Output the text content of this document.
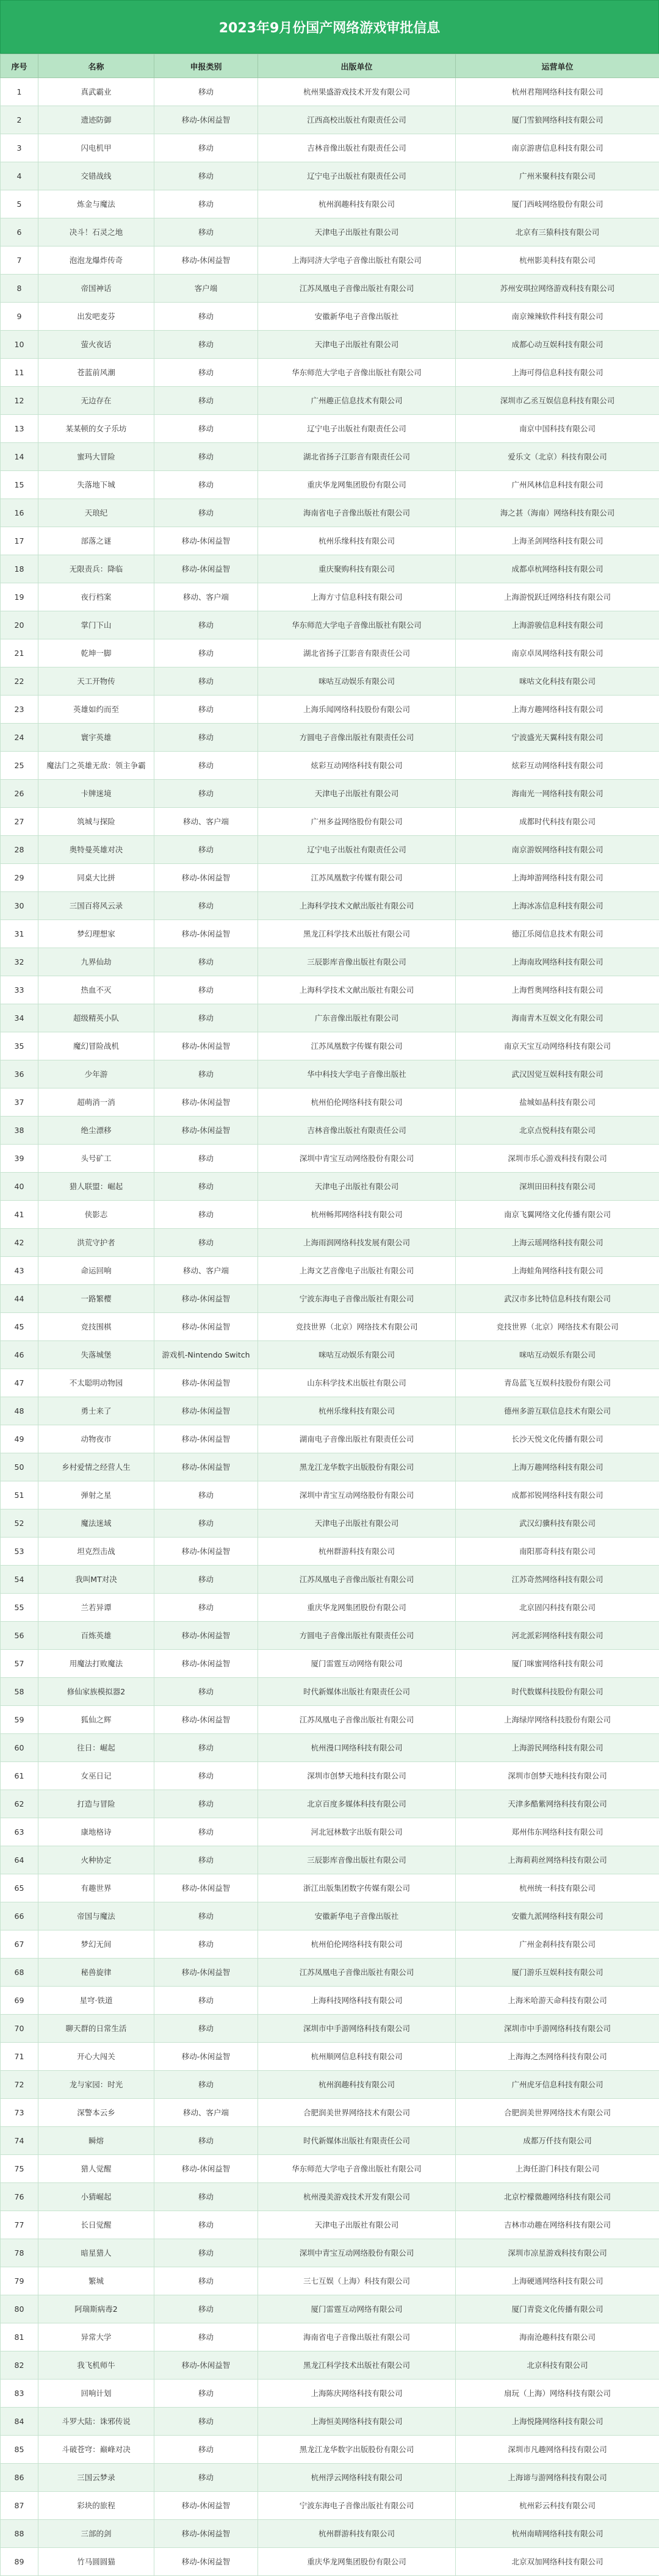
2023年9月份国产网络游戏审批信息
序号	名称	申报类别	出版单位	运营单位
1	真武霸业	移动	杭州果盛游戏技术开发有限公司	杭州君翔网络科技有限公司
2	遗迹防御	移动-休闲益智	江西高校出版社有限责任公司	厦门雪狼网络科技有限公司
3	闪电机甲	移动	吉林音像出版社有限责任公司	南京游唐信息科技有限公司
4	交错战线	移动	辽宁电子出版社有限责任公司	广州米聚科技有限公司
5	炼金与魔法	移动	杭州润趣科技有限公司	厦门西岐网络股份有限公司
6	决斗！石灵之地	移动	天津电子出版社有限公司	北京有三猿科技有限公司
7	泡泡龙爆炸传奇	移动-休闲益智	上海同济大学电子音像出版社有限公司	杭州影美科技有限公司
8	帝国神话	客户端	江苏凤凰电子音像出版社有限公司	苏州安琪拉网络游戏科技有限公司
9	出发吧麦芬	移动	安徽新华电子音像出版社	南京辣辣软件科技有限公司
10	萤火夜话	移动	天津电子出版社有限公司	成都心动互娱科技有限公司
11	苍蓝前风潮	移动	华东师范大学电子音像出版社有限公司	上海可得信息科技有限公司
12	无边存在	移动	广州趣正信息技术有限公司	深圳市乙丞互娱信息科技有限公司
13	某某顿的女子乐坊	移动	辽宁电子出版社有限责任公司	南京中国科技有限公司
14	蜜玛大冒险	移动	湖北省扬子江影音有限责任公司	爱乐文（北京）科技有限公司
15	失落地下城	移动	重庆华龙网集团股份有限公司	广州风林信息科技有限公司
16	天琅纪	移动	海南省电子音像出版社有限公司	海之甚（海南）网络科技有限公司
17	部落之谜	移动-休闲益智	杭州乐缘科技有限公司	上海圣剑网络科技有限公司
18	无限责兵：降临	移动-休闲益智	重庆聚购科技有限公司	成都卓杭网络科技有限公司
19	夜行档案	移动、客户端	上海方寸信息科技有限公司	上海游悦跃迁网络科技有限公司
20	掌门下山	移动	华东师范大学电子音像出版社有限公司	上海游骏信息科技有限公司
21	乾坤一脚	移动	湖北省扬子江影音有限责任公司	南京卓凤网络科技有限公司
22	天工开物传	移动	咪咕互动娱乐有限公司	咪咕文化科技有限公司
23	英雄如约而至	移动	上海乐闻网络科技股份有限公司	上海方趣网络科技有限公司
24	寰宇英雄	移动	方圆电子音像出版社有限责任公司	宁波盛光天翼科技有限公司
25	魔法门之英雄无敌：领主争霸	移动	炫彩互动网络科技有限公司	炫彩互动网络科技有限公司
26	卡牌迷境	移动	天津电子出版社有限公司	海南光一网络科技有限公司
27	筑城与探险	移动、客户端	广州多益网络股份有限公司	成都时代科技有限公司
28	奥特曼英雄对决	移动	辽宁电子出版社有限责任公司	南京游娱网络科技有限公司
29	同桌大比拼	移动-休闲益智	江苏凤凰数字传媒有限公司	上海坤游网络科技有限公司
30	三国百将风云录	移动	上海科学技术文献出版社有限公司	上海冰冻信息科技有限公司
31	梦幻理想家	移动-休闲益智	黑龙江科学技术出版社有限公司	德江乐阅信息技术有限公司
32	九界仙劫	移动	三辰影库音像出版社有限公司	上海南玫网络科技有限公司
33	热血不灭	移动	上海科学技术文献出版社有限公司	上海哲奥网络科技有限公司
34	超级精英小队	移动	广东音像出版社有限公司	海南青木互娱文化有限公司
35	魔幻冒险战机	移动-休闲益智	江苏凤凰数字传媒有限公司	南京天宝互动网络科技有限公司
36	少年游	移动	华中科技大学电子音像出版社	武汉因觉互娱科技有限公司
37	超萌消一消	移动-休闲益智	杭州伯伦网络科技有限公司	盐城如晶科技有限公司
38	绝尘漂移	移动-休闲益智	吉林音像出版社有限责任公司	北京点悦科技有限公司
39	头号矿工	移动	深圳中青宝互动网络股份有限公司	深圳市乐心游戏科技有限公司
40	猎人联盟：崛起	移动	天津电子出版社有限公司	深圳田田科技有限公司
41	侠影志	移动	杭州畅邦网络科技有限公司	南京飞翼网络文化传播有限公司
42	洪荒守护者	移动	上海雨润网络科技发展有限公司	上海云瑶网络科技有限公司
43	命运回响	移动、客户端	上海文艺音像电子出版社有限公司	上海蛙角网络科技有限公司
44	一路繁樱	移动-休闲益智	宁波东海电子音像出版社有限公司	武汉市多比特信息科技有限公司
45	竞技围棋	移动-休闲益智	竞技世界（北京）网络技术有限公司	竞技世界（北京）网络技术有限公司
46	失落城堡	游戏机-Nintendo Switch	咪咕互动娱乐有限公司	咪咕互动娱乐有限公司
47	不太聪明动物园	移动-休闲益智	山东科学技术出版社有限公司	青岛蓝飞互娱科技股份有限公司
48	勇士来了	移动-休闲益智	杭州乐缘科技有限公司	德州多游互联信息技术有限公司
49	动物夜市	移动-休闲益智	湖南电子音像出版社有限责任公司	长沙天悦文化传播有限公司
50	乡村爱情之经营人生	移动-休闲益智	黑龙江龙华数字出版股份有限公司	上海万趣网络科技有限公司
51	弹射之星	移动	深圳中青宝互动网络股份有限公司	成都祁锐网络科技有限公司
52	魔法迷域	移动	天津电子出版社有限公司	武汉幻骥科技有限公司
53	坦克烈击战	移动-休闲益智	杭州群游科技有限公司	南阳那奇科技有限公司
54	我叫MT对决	移动	江苏凤凰电子音像出版社有限公司	江苏奇然网络科技有限公司
55	兰若异谭	移动	重庆华龙网集团股份有限公司	北京固闪科技有限公司
56	百炼英雄	移动-休闲益智	方圆电子音像出版社有限责任公司	河北派彩网络科技有限公司
57	用魔法打败魔法	移动-休闲益智	厦门雷霆互动网络有限公司	厦门咪蜜网络科技有限公司
58	修仙家族模拟器2	移动	时代新媒体出版社有限责任公司	时代数媒科技股份有限公司
59	狐仙之辉	移动-休闲益智	江苏凤凰电子音像出版社有限公司	上海绿岸网络科技股份有限公司
60	往日：崛起	移动	杭州漫口网络科技有限公司	上海游民网络科技有限公司
61	女巫日记	移动	深圳市创梦天地科技有限公司	深圳市创梦天地科技有限公司
62	打造与冒险	移动	北京百度多媒体科技有限公司	天津多酷紫网络科技有限公司
63	康地格诗	移动	河北冠林数字出版有限公司	郑州伟东网络科技有限公司
64	火种协定	移动	三辰影库音像出版社有限公司	上海莉莉丝网络科技有限公司
65	有趣世界	移动-休闲益智	浙江出版集团数字传媒有限公司	杭州统一科技有限公司
66	帝国与魔法	移动	安徽新华电子音像出版社	安徽九派网络科技有限公司
67	梦幻无间	移动	杭州伯伦网络科技有限公司	广州金刹科技有限公司
68	秘兽旋律	移动-休闲益智	江苏凤凰电子音像出版社有限公司	厦门游乐互娱科技有限公司
69	星穹·铁道	移动	上海科技网络科技有限公司	上海米哈游天命科技有限公司
70	聊天群的日常生活	移动	深圳市中手游网络科技有限公司	深圳市中手游网络科技有限公司
71	开心大闯关	移动-休闲益智	杭州顺网信息科技有限公司	上海海之杰网络科技有限公司
72	龙与家园：时光	移动	杭州润趣科技有限公司	广州虎牙信息科技有限公司
73	深警本云乡	移动、客户端	合肥润美世界网络技术有限公司	合肥润美世界网络技术有限公司
74	瞬熔	移动	时代新媒体出版社有限责任公司	成都万仟技有限公司
75	猎人觉醒	移动-休闲益智	华东师范大学电子音像出版社有限公司	上海任游门科技有限公司
76	小猜崛起	移动	杭州漫美游戏技术开发有限公司	北京柠檬微趣网络科技有限公司
77	长日觉醒	移动	天津电子出版社有限公司	吉林市动趣在网络科技有限公司
78	暗星猎人	移动	深圳中青宝互动网络股份有限公司	深圳市凉星游戏科技有限公司
79	繁城	移动	三七互娱（上海）科技有限公司	上海硬通网络科技有限公司
80	阿瑞斯病毒2	移动	厦门雷霆互动网络有限公司	厦门青瓷文化传播有限公司
81	异常大学	移动	海南省电子音像出版社有限公司	海南沧趣科技有限公司
82	我飞机师牛	移动-休闲益智	黑龙江科学技术出版社有限公司	北京科技有限公司
83	回响计划	移动	上海陈庆网络科技有限公司	扇玩（上海）网络科技有限公司
84	斗罗大陆：诛邪传说	移动	上海恒美网络科技有限公司	上海悦隆网络科技有限公司
85	斗破苍穹：巅峰对决	移动	黑龙江龙华数字出版股份有限公司	深圳市凡趣网络科技有限公司
86	三国云梦录	移动	杭州浮云网络科技有限公司	上海谛与游网络科技有限公司
87	彩块的旅程	移动-休闲益智	宁波东海电子音像出版社有限公司	杭州彩云科技有限公司
88	三部的剑	移动-休闲益智	杭州群游科技有限公司	杭州南晴网络科技有限公司
89	竹马圆圆猫	移动-休闲益智	重庆华龙网集团股份有限公司	北京双加网络科技有限公司
